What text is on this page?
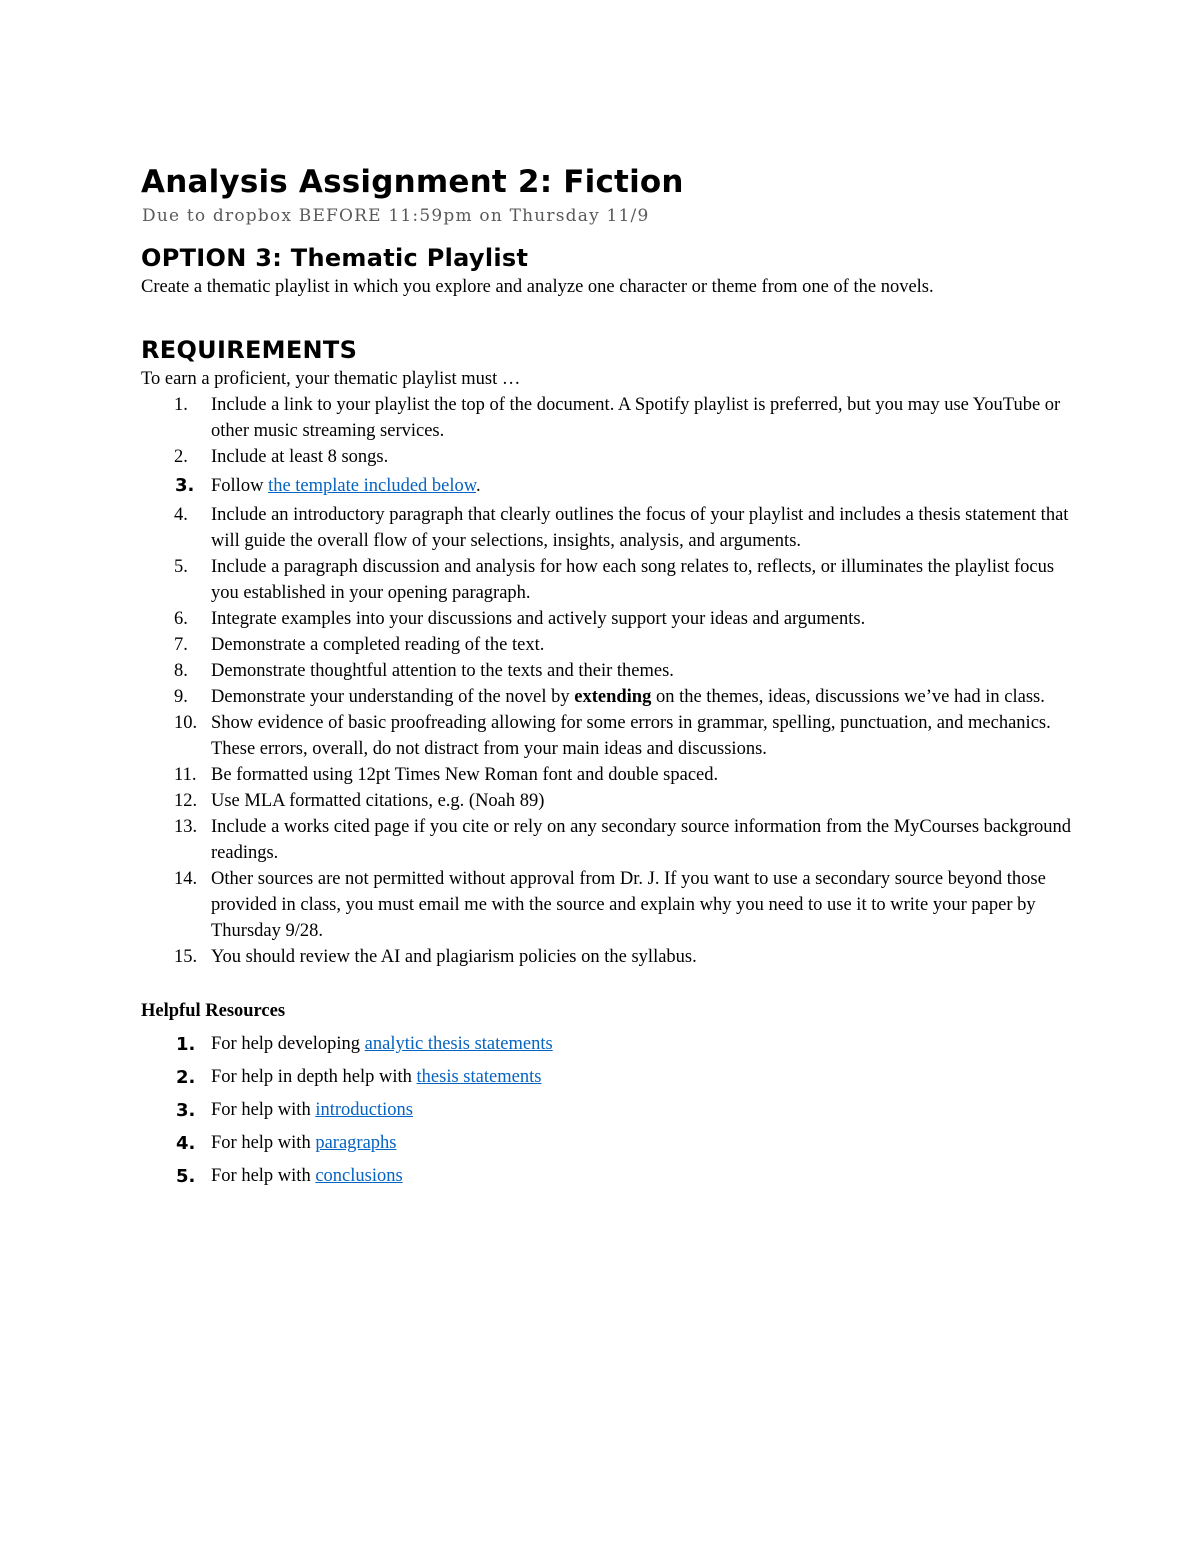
Analysis Assignment 2: Fiction

Due to dropbox BEFORE 11:59pm on Thursday 11/9

OPTION 3: Thematic Playlist

Create a thematic playlist in which you explore and analyze one character or theme from one of the novels.

REQUIREMENTS

To earn a proficient, your thematic playlist must …

1. Include a link to your playlist the top of the document. A Spotify playlist is preferred, but you may use YouTube or other music streaming services.
2. Include at least 8 songs.
3. Follow the template included below.
4. Include an introductory paragraph that clearly outlines the focus of your playlist and includes a thesis statement that will guide the overall flow of your selections, insights, analysis, and arguments.
5. Include a paragraph discussion and analysis for how each song relates to, reflects, or illuminates the playlist focus you established in your opening paragraph.
6. Integrate examples into your discussions and actively support your ideas and arguments.
7. Demonstrate a completed reading of the text.
8. Demonstrate thoughtful attention to the texts and their themes.
9. Demonstrate your understanding of the novel by extending on the themes, ideas, discussions we’ve had in class.
10. Show evidence of basic proofreading allowing for some errors in grammar, spelling, punctuation, and mechanics. These errors, overall, do not distract from your main ideas and discussions.
11. Be formatted using 12pt Times New Roman font and double spaced.
12. Use MLA formatted citations, e.g. (Noah 89)
13. Include a works cited page if you cite or rely on any secondary source information from the MyCourses background readings.
14. Other sources are not permitted without approval from Dr. J. If you want to use a secondary source beyond those provided in class, you must email me with the source and explain why you need to use it to write your paper by Thursday 9/28.
15. You should review the AI and plagiarism policies on the syllabus.

Helpful Resources

1. For help developing analytic thesis statements
2. For help in depth help with thesis statements
3. For help with introductions
4. For help with paragraphs
5. For help with conclusions
